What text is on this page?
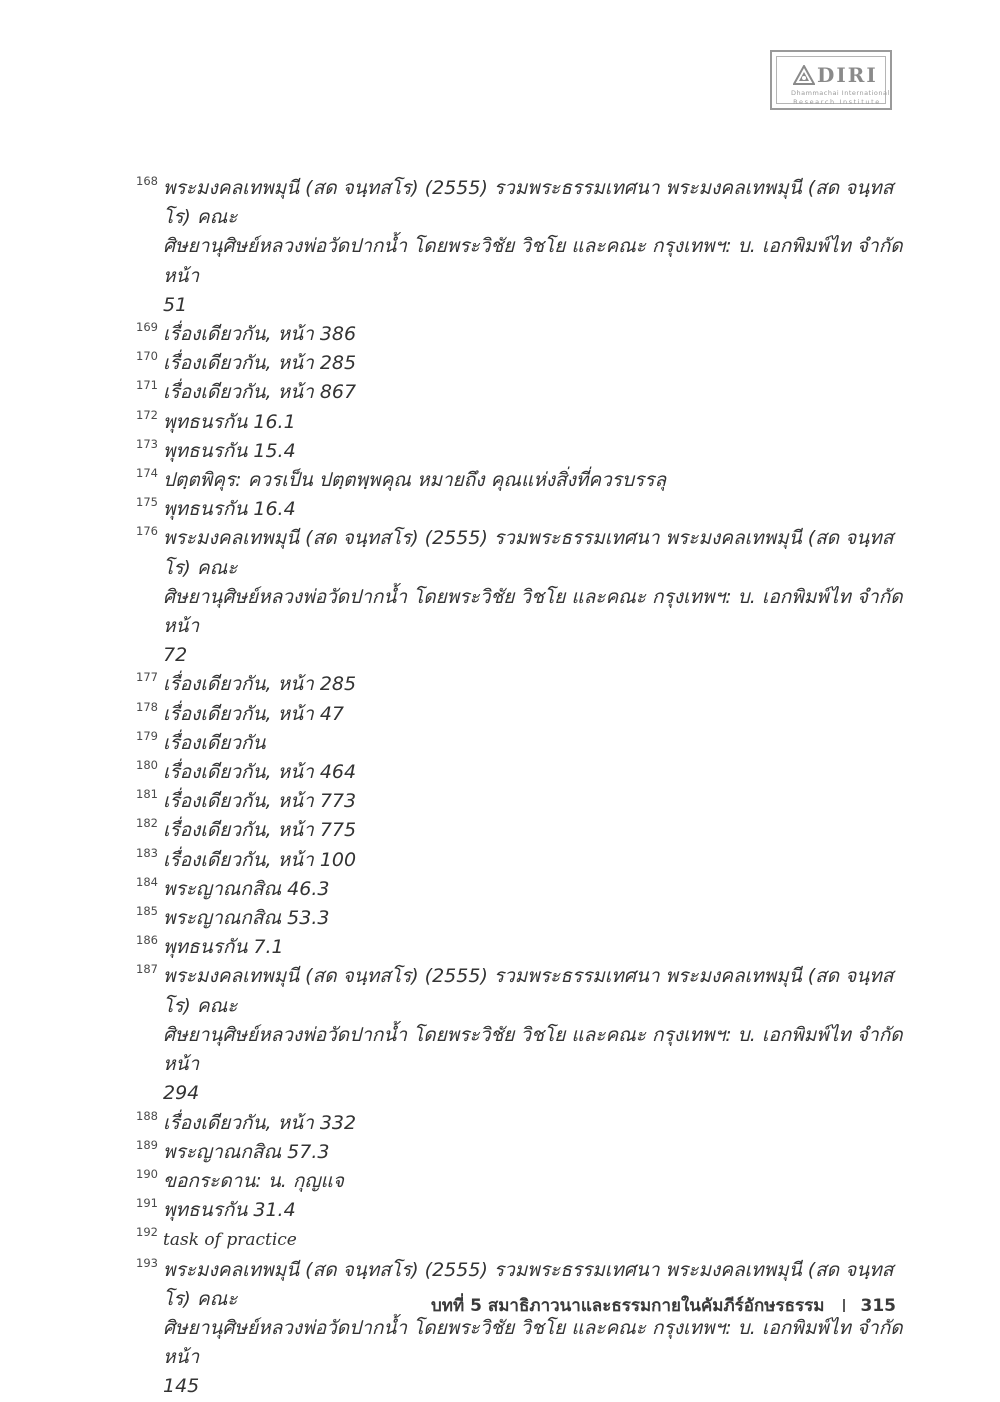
DIRI
Dhammachai International
Research Institute
168 พระมงคลเทพมุนี (สด จนฺทสโร) (2555) รวมพระธรรมเทศนา พระมงคลเทพมุนี (สด จนฺทสโร) คณะ
ศิษยานุศิษย์หลวงพ่อวัดปากน้ำ โดยพระวิชัย วิชโย และคณะ กรุงเทพฯ: บ. เอกพิมพ์ไท จำกัด หน้า
51
169 เรื่องเดียวกัน, หน้า 386
170 เรื่องเดียวกัน, หน้า 285
171 เรื่องเดียวกัน, หน้า 867
172 พุทธนรกัน 16.1
173 พุทธนรกัน 15.4
174 ปตฺตพิคุร: ควรเป็น ปตฺตพฺพคุณ หมายถึง คุณแห่งสิ่งที่ควรบรรลุ
175 พุทธนรกัน 16.4
176 พระมงคลเทพมุนี (สด จนฺทสโร) (2555) รวมพระธรรมเทศนา พระมงคลเทพมุนี (สด จนฺทสโร) คณะ
ศิษยานุศิษย์หลวงพ่อวัดปากน้ำ โดยพระวิชัย วิชโย และคณะ กรุงเทพฯ: บ. เอกพิมพ์ไท จำกัด หน้า
72
177 เรื่องเดียวกัน, หน้า 285
178 เรื่องเดียวกัน, หน้า 47
179 เรื่องเดียวกัน
180 เรื่องเดียวกัน, หน้า 464
181 เรื่องเดียวกัน, หน้า 773
182 เรื่องเดียวกัน, หน้า 775
183 เรื่องเดียวกัน, หน้า 100
184 พระญาณกสิณ 46.3
185 พระญาณกสิณ 53.3
186 พุทธนรกัน 7.1
187 พระมงคลเทพมุนี (สด จนฺทสโร) (2555) รวมพระธรรมเทศนา พระมงคลเทพมุนี (สด จนฺทสโร) คณะ
ศิษยานุศิษย์หลวงพ่อวัดปากน้ำ โดยพระวิชัย วิชโย และคณะ กรุงเทพฯ: บ. เอกพิมพ์ไท จำกัด หน้า
294
188 เรื่องเดียวกัน, หน้า 332
189 พระญาณกสิณ 57.3
190 ขอกระดาน: น. กุญแจ
191 พุทธนรกัน 31.4
192 task of practice
193 พระมงคลเทพมุนี (สด จนฺทสโร) (2555) รวมพระธรรมเทศนา พระมงคลเทพมุนี (สด จนฺทสโร) คณะ
ศิษยานุศิษย์หลวงพ่อวัดปากน้ำ โดยพระวิชัย วิชโย และคณะ กรุงเทพฯ: บ. เอกพิมพ์ไท จำกัด หน้า
145
บทที่ 5 สมาธิภาวนาและธรรมกายในคัมภีร์อักษรธรรม 315
